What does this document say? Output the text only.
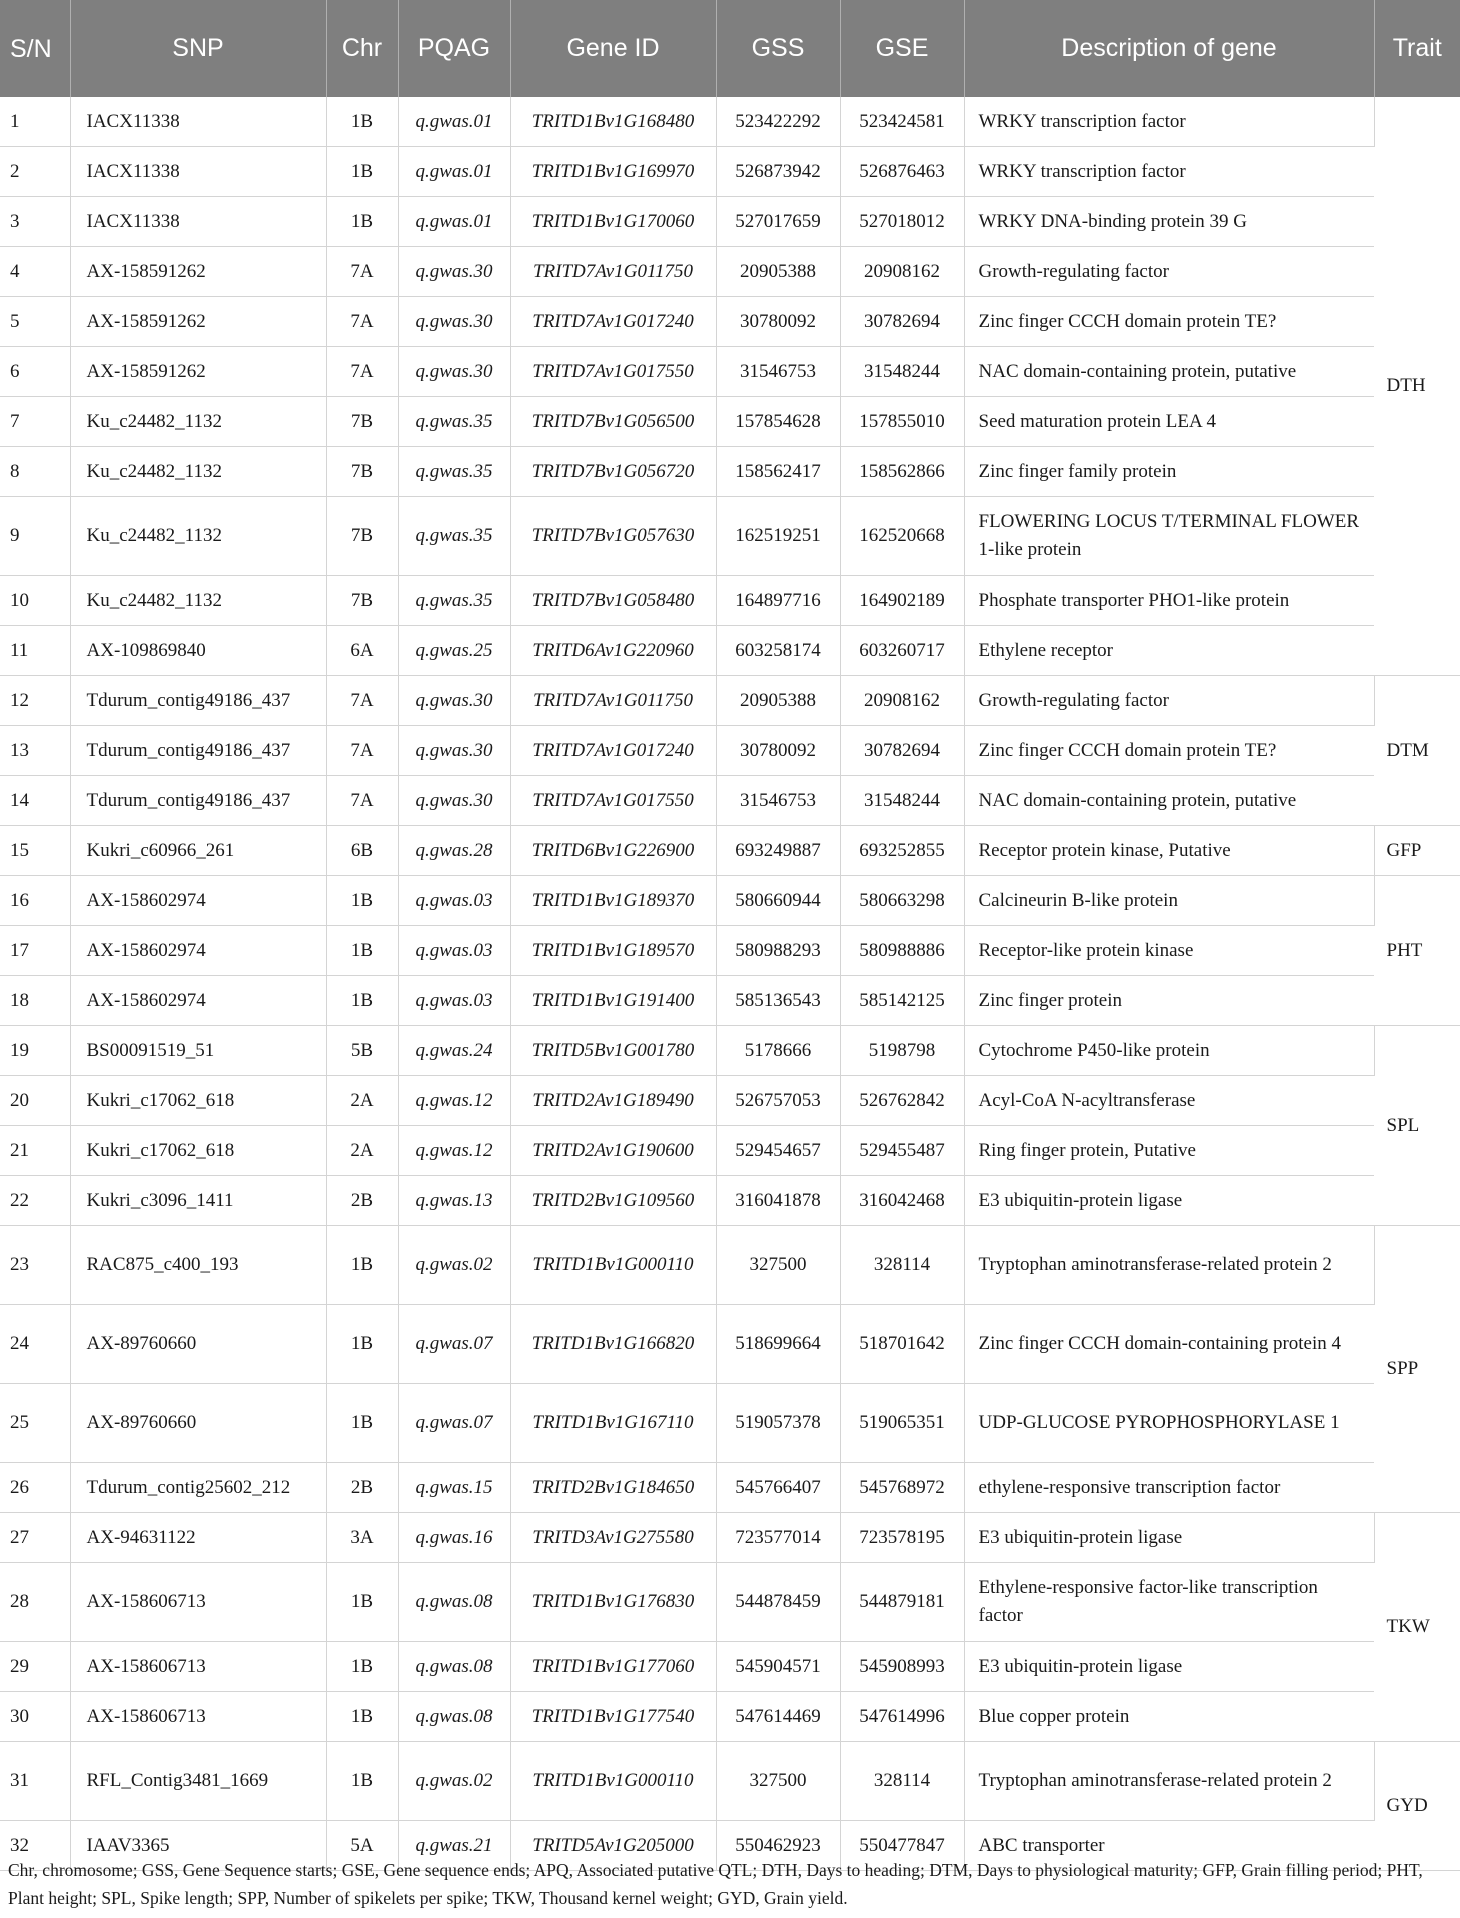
S/N	SNP	Chr	PQAG	Gene ID	GSS	GSE	Description of gene	Trait
1	IACX11338	1B	q.gwas.01	TRITD1Bv1G168480	523422292	523424581	WRKY transcription factor	DTH
2	IACX11338	1B	q.gwas.01	TRITD1Bv1G169970	526873942	526876463	WRKY transcription factor	
3	IACX11338	1B	q.gwas.01	TRITD1Bv1G170060	527017659	527018012	WRKY DNA-binding protein 39 G	
4	AX-158591262	7A	q.gwas.30	TRITD7Av1G011750	20905388	20908162	Growth-regulating factor	
5	AX-158591262	7A	q.gwas.30	TRITD7Av1G017240	30780092	30782694	Zinc finger CCCH domain protein TE?	
6	AX-158591262	7A	q.gwas.30	TRITD7Av1G017550	31546753	31548244	NAC domain-containing protein, putative	
7	Ku_c24482_1132	7B	q.gwas.35	TRITD7Bv1G056500	157854628	157855010	Seed maturation protein LEA 4	
8	Ku_c24482_1132	7B	q.gwas.35	TRITD7Bv1G056720	158562417	158562866	Zinc finger family protein	
9	Ku_c24482_1132	7B	q.gwas.35	TRITD7Bv1G057630	162519251	162520668	FLOWERING LOCUS T/TERMINAL FLOWER 1-like protein	
10	Ku_c24482_1132	7B	q.gwas.35	TRITD7Bv1G058480	164897716	164902189	Phosphate transporter PHO1-like protein	
11	AX-109869840	6A	q.gwas.25	TRITD6Av1G220960	603258174	603260717	Ethylene receptor	
12	Tdurum_contig49186_437	7A	q.gwas.30	TRITD7Av1G011750	20905388	20908162	Growth-regulating factor	DTM
13	Tdurum_contig49186_437	7A	q.gwas.30	TRITD7Av1G017240	30780092	30782694	Zinc finger CCCH domain protein TE?	
14	Tdurum_contig49186_437	7A	q.gwas.30	TRITD7Av1G017550	31546753	31548244	NAC domain-containing protein, putative	
15	Kukri_c60966_261	6B	q.gwas.28	TRITD6Bv1G226900	693249887	693252855	Receptor protein kinase, Putative	GFP
16	AX-158602974	1B	q.gwas.03	TRITD1Bv1G189370	580660944	580663298	Calcineurin B-like protein	PHT
17	AX-158602974	1B	q.gwas.03	TRITD1Bv1G189570	580988293	580988886	Receptor-like protein kinase	
18	AX-158602974	1B	q.gwas.03	TRITD1Bv1G191400	585136543	585142125	Zinc finger protein	
19	BS00091519_51	5B	q.gwas.24	TRITD5Bv1G001780	5178666	5198798	Cytochrome P450-like protein	SPL
20	Kukri_c17062_618	2A	q.gwas.12	TRITD2Av1G189490	526757053	526762842	Acyl-CoA N-acyltransferase	
21	Kukri_c17062_618	2A	q.gwas.12	TRITD2Av1G190600	529454657	529455487	Ring finger protein, Putative	
22	Kukri_c3096_1411	2B	q.gwas.13	TRITD2Bv1G109560	316041878	316042468	E3 ubiquitin-protein ligase	
23	RAC875_c400_193	1B	q.gwas.02	TRITD1Bv1G000110	327500	328114	Tryptophan aminotransferase-related protein 2	SPP
24	AX-89760660	1B	q.gwas.07	TRITD1Bv1G166820	518699664	518701642	Zinc finger CCCH domain-containing protein 4	
25	AX-89760660	1B	q.gwas.07	TRITD1Bv1G167110	519057378	519065351	UDP-GLUCOSE PYROPHOSPHORYLASE 1	
26	Tdurum_contig25602_212	2B	q.gwas.15	TRITD2Bv1G184650	545766407	545768972	ethylene-responsive transcription factor	
27	AX-94631122	3A	q.gwas.16	TRITD3Av1G275580	723577014	723578195	E3 ubiquitin-protein ligase	TKW
28	AX-158606713	1B	q.gwas.08	TRITD1Bv1G176830	544878459	544879181	Ethylene-responsive factor-like transcription factor	
29	AX-158606713	1B	q.gwas.08	TRITD1Bv1G177060	545904571	545908993	E3 ubiquitin-protein ligase	
30	AX-158606713	1B	q.gwas.08	TRITD1Bv1G177540	547614469	547614996	Blue copper protein	
31	RFL_Contig3481_1669	1B	q.gwas.02	TRITD1Bv1G000110	327500	328114	Tryptophan aminotransferase-related protein 2	GYD
32	IAAV3365	5A	q.gwas.21	TRITD5Av1G205000	550462923	550477847	ABC transporter	
Chr, chromosome; GSS, Gene Sequence starts; GSE, Gene sequence ends; APQ, Associated putative QTL; DTH, Days to heading; DTM, Days to physiological maturity; GFP, Grain filling period; PHT, Plant height; SPL, Spike length; SPP, Number of spikelets per spike; TKW, Thousand kernel weight; GYD, Grain yield.
